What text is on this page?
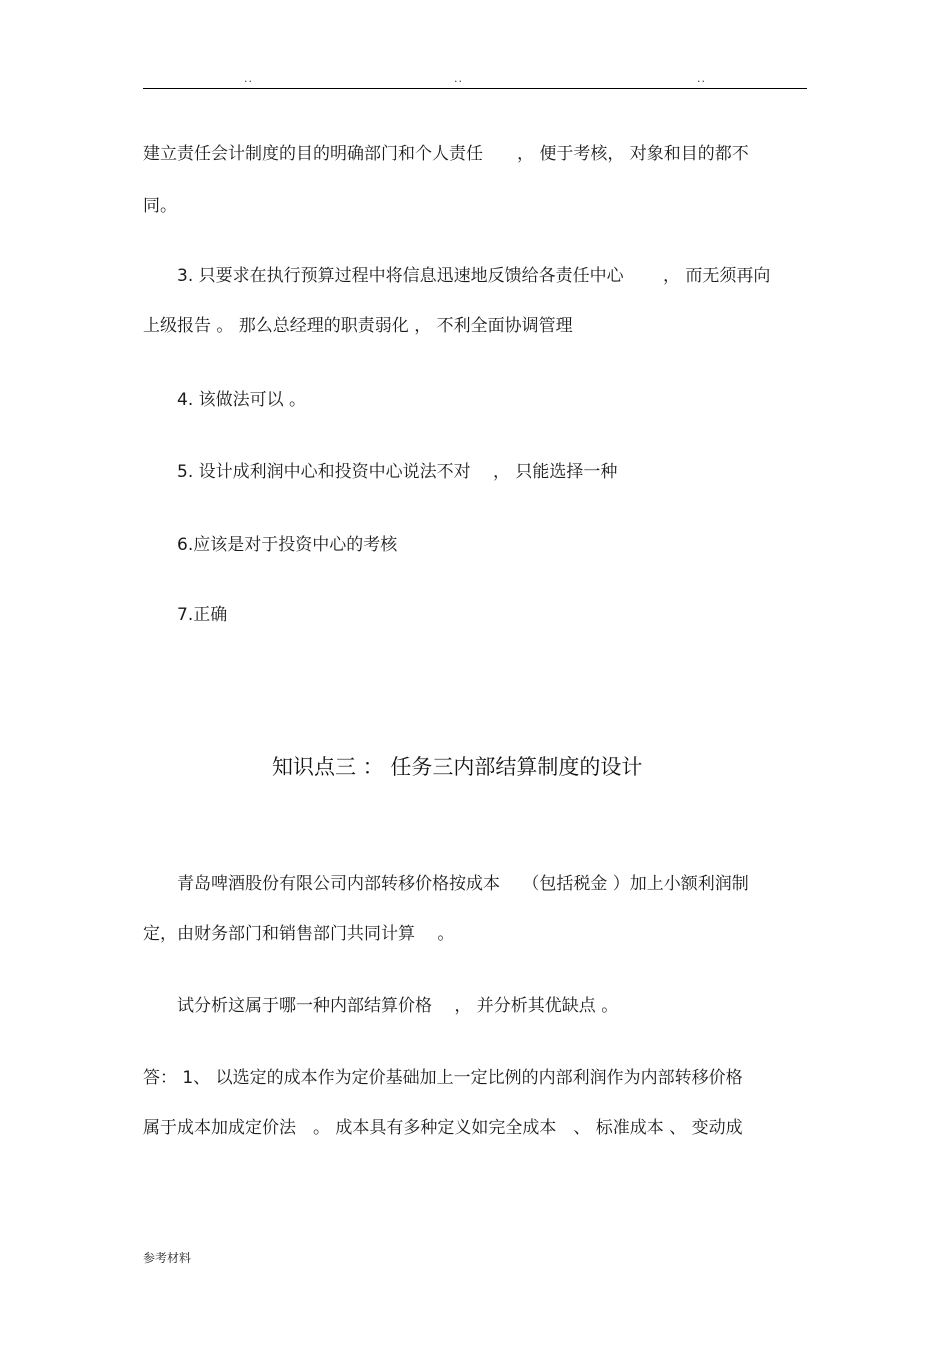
..	..	..
建立责任会计制度的目的明确部门和个人责任　　， 便于考核， 对象和目的都不
同。
3. 只要求在执行预算过程中将信息迅速地反馈给各责任中心　　 ， 而无须再向
上级报告 。 那么总经理的职责弱化 ， 不利全面协调管理
4. 该做法可以 。
5. 设计成利润中心和投资中心说法不对　 ， 只能选择一种
6.应该是对于投资中心的考核
7.正确
知识点三 ： 任务三内部结算制度的设计
青岛啤酒股份有限公司内部转移价格按成本　 （包括税金 ）加上小额利润制
定，由财务部门和销售部门共同计算　 。
试分析这属于哪一种内部结算价格　 ， 并分析其优缺点 。
答： 1、 以选定的成本作为定价基础加上一定比例的内部利润作为内部转移价格
属于成本加成定价法　。 成本具有多种定义如完全成本　、 标准成本 、 变动成
参考材料
